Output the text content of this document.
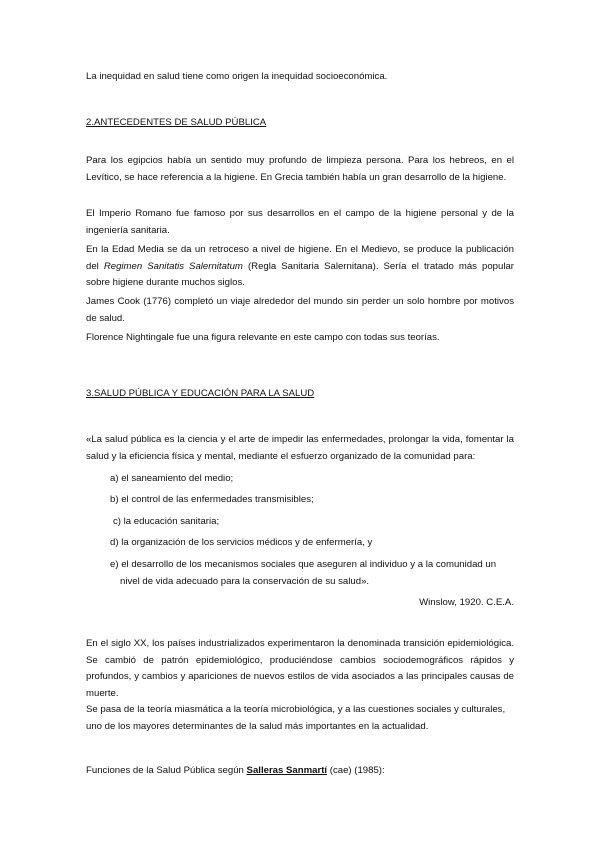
La inequidad en salud tiene como origen la inequidad socioeconómica.

2.ANTECEDENTES DE SALUD PÚBLICA

Para los egipcios había un sentido muy profundo de limpieza persona. Para los hebreos, en el Levítico, se hace referencia a la higiene. En Grecia también había un gran desarrollo de la higiene.

El Imperio Romano fue famoso por sus desarrollos en el campo de la higiene personal y de la ingeniería sanitaria.

En la Edad Media se da un retroceso a nivel de higiene. En el Medievo, se produce la publicación del Regimen Sanitatis Salernitatum (Regla Sanitaria Salernitana). Sería el tratado más popular sobre higiene durante muchos siglos.

James Cook (1776) completó un viaje alrededor del mundo sin perder un solo hombre por motivos de salud.

Florence Nightingale fue una figura relevante en este campo con todas sus teorías.

3.SALUD PÚBLICA Y EDUCACIÓN PARA LA SALUD

«La salud pública es la ciencia y el arte de impedir las enfermedades, prolongar la vida, fomentar la salud y la eficiencia física y mental, mediante el esfuerzo organizado de la comunidad para:

a) el saneamiento del medio;

b) el control de las enfermedades transmisibles;

c) la educación sanitaria;

d) la organización de los servicios médicos y de enfermería, y

e) el desarrollo de los mecanismos sociales que aseguren al individuo y a la comunidad un nivel de vida adecuado para la conservación de su salud».

Winslow, 1920. C.E.A.

En el siglo XX, los países industrializados experimentaron la denominada transición epidemiológica. Se cambió de patrón epidemiológico, produciéndose cambios sociodemográficos rápidos y profundos, y cambios y apariciones de nuevos estilos de vida asociados a las principales causas de muerte.

Se pasa de la teoría miasmática a la teoría microbiológica, y a las cuestiones sociales y culturales, uno de los mayores determinantes de la salud más importantes en la actualidad.

Funciones de la Salud Pública según Salleras Sanmartí (cae) (1985):
